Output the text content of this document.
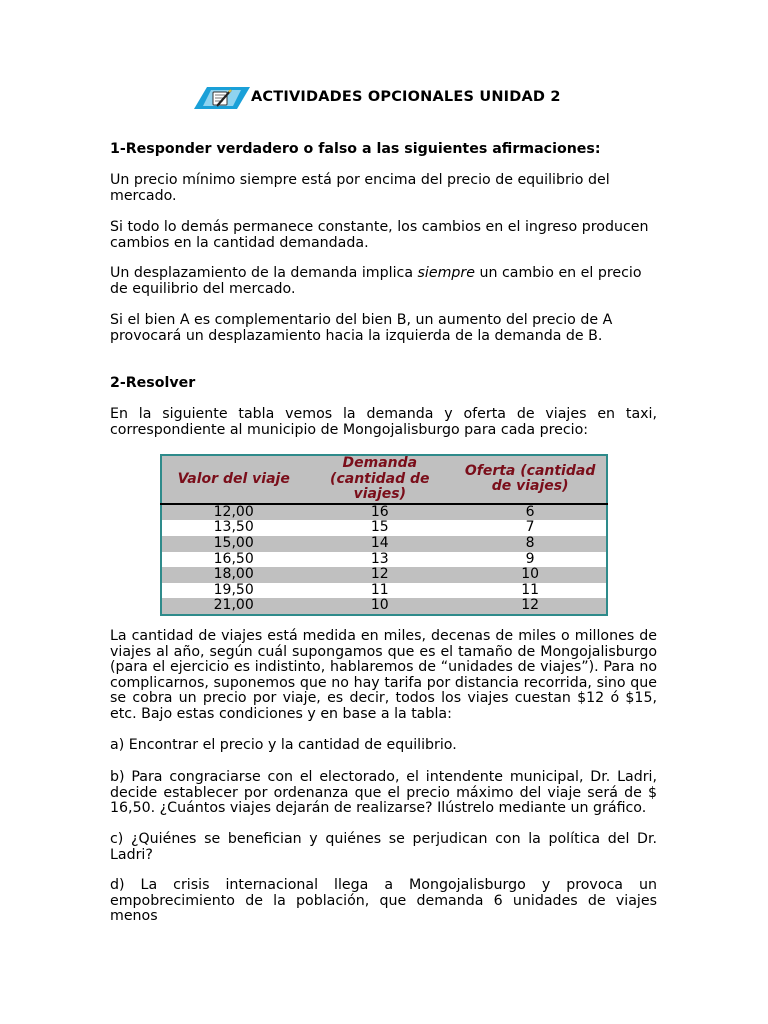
ACTIVIDADES OPCIONALES UNIDAD 2

1-Responder verdadero o falso a las siguientes afirmaciones:

Un precio mínimo siempre está por encima del precio de equilibrio del
mercado.
Si todo lo demás permanece constante, los cambios en el ingreso producen
cambios en la cantidad demandada.
Un desplazamiento de la demanda implica siempre un cambio en el precio
de equilibrio del mercado.
Si el bien A es complementario del bien B, un aumento del precio de A
provocará un desplazamiento hacia la izquierda de la demanda de B.

2-Resolver

En la siguiente tabla vemos la demanda y oferta de viajes en taxi,
correspondiente al municipio de Mongojalisburgo para cada precio:
Valor del viaje	Demanda (cantidad de viajes)	Oferta (cantidad de viajes)
12,00	16	6
13,50	15	7
15,00	14	8
16,50	13	9
18,00	12	10
19,50	11	11
21,00	10	12
La cantidad de viajes está medida en miles, decenas de miles o millones de
viajes al año, según cuál supongamos que es el tamaño de Mongojalisburgo
(para el ejercicio es indistinto, hablaremos de “unidades de viajes”). Para no
complicarnos, suponemos que no hay tarifa por distancia recorrida, sino que
se cobra un precio por viaje, es decir, todos los viajes cuestan $12 ó $15,
etc. Bajo estas condiciones y en base a la tabla:
a) Encontrar el precio y la cantidad de equilibrio.
b) Para congraciarse con el electorado, el intendente municipal, Dr. Ladri,
decide establecer por ordenanza que el precio máximo del viaje será de $
16,50. ¿Cuántos viajes dejarán de realizarse? Ilústrelo mediante un gráfico.
c) ¿Quiénes se benefician y quiénes se perjudican con la política del Dr.
Ladri?
d) La crisis internacional llega a Mongojalisburgo y provoca un
empobrecimiento de la población, que demanda 6 unidades de viajes menos
